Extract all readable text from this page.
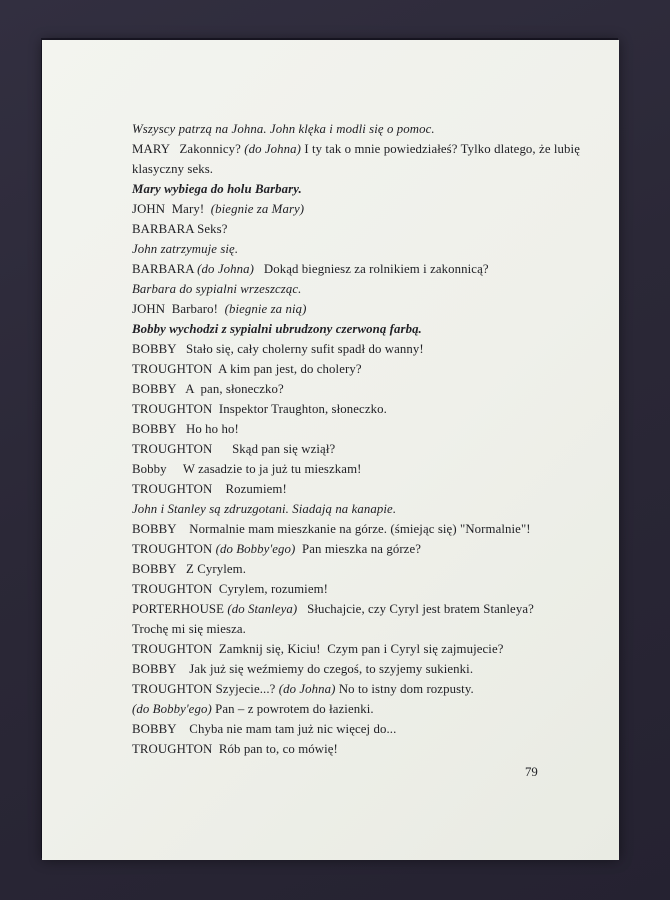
Wszyscy patrzą na Johna. John klęka i modli się o pomoc.
MARY   Zakonnicy? (do Johna) I ty tak o mnie powiedziałeś? Tylko dlatego, że lubię
klasyczny seks.
Mary wybiega do holu Barbary.
JOHN  Mary!  (biegnie za Mary)
BARBARA Seks?
John zatrzymuje się.
BARBARA (do Johna)   Dokąd biegniesz za rolnikiem i zakonnicą?
Barbara do sypialni wrzeszcząc.
JOHN  Barbaro!  (biegnie za nią)
Bobby wychodzi z sypialni ubrudzony czerwoną farbą.
BOBBY   Stało się, cały cholerny sufit spadł do wanny!
TROUGHTON  A kim pan jest, do cholery?
BOBBY   A  pan, słoneczko?
TROUGHTON  Inspektor Traughton, słoneczko.
BOBBY   Ho ho ho!
TROUGHTON      Skąd pan się wziął?
Bobby     W zasadzie to ja już tu mieszkam!
TROUGHTON    Rozumiem!
John i Stanley są zdruzgotani. Siadają na kanapie.
BOBBY    Normalnie mam mieszkanie na górze. (śmiejąc się) "Normalnie"!
TROUGHTON (do Bobby'ego)  Pan mieszka na górze?
BOBBY   Z Cyrylem.
TROUGHTON  Cyrylem, rozumiem!
PORTERHOUSE (do Stanleya)   Słuchajcie, czy Cyryl jest bratem Stanleya?
Trochę mi się miesza.
TROUGHTON  Zamknij się, Kiciu!  Czym pan i Cyryl się zajmujecie?
BOBBY    Jak już się weźmiemy do czegoś, to szyjemy sukienki.
TROUGHTON Szyjecie...? (do Johna) No to istny dom rozpusty.
(do Bobby'ego) Pan – z powrotem do łazienki.
BOBBY    Chyba nie mam tam już nic więcej do...
TROUGHTON  Rób pan to, co mówię!
79
